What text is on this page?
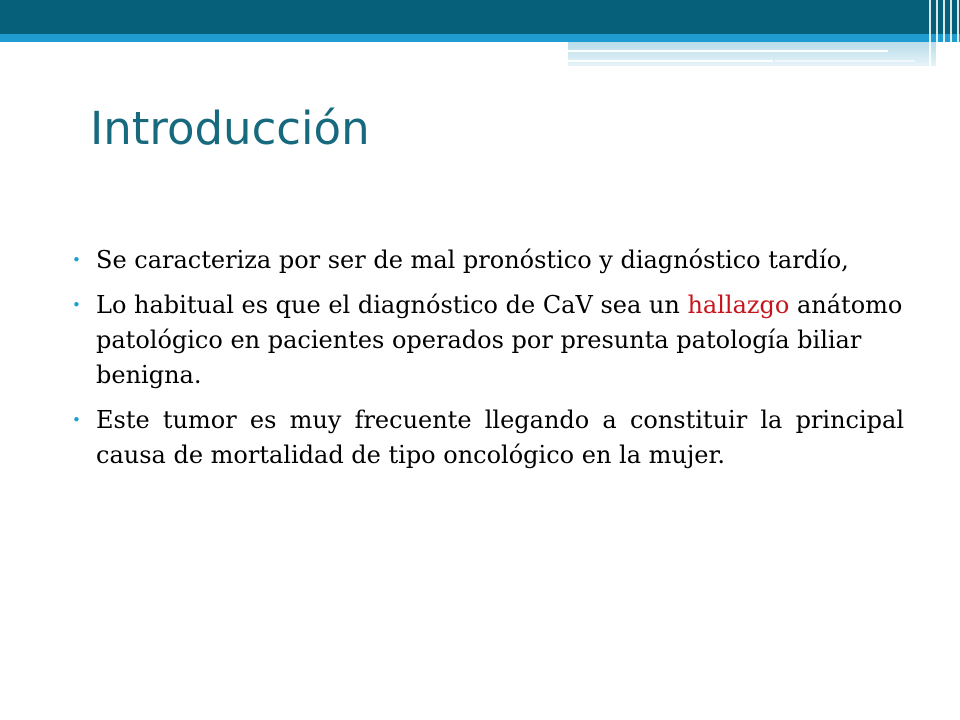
Introducción
• Se caracteriza por ser de mal pronóstico y diagnóstico tardío,
• Lo habitual es que el diagnóstico de CaV sea un hallazgo anátomo patológico en pacientes operados por presunta patología biliar benigna.
• Este tumor es muy frecuente llegando a constituir la principal causa de mortalidad de tipo oncológico en la mujer.
